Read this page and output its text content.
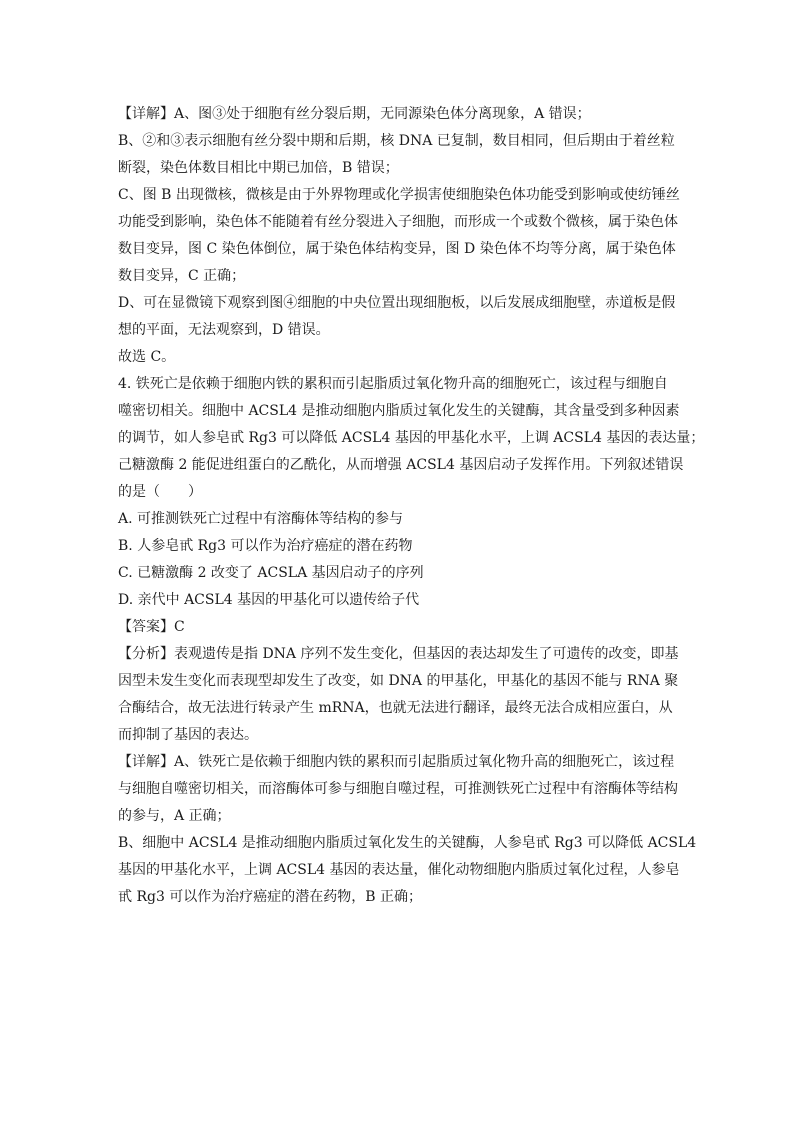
【详解】A、图③处于细胞有丝分裂后期，无同源染色体分离现象，A 错误；
B、②和③表示细胞有丝分裂中期和后期，核 DNA 已复制，数目相同，但后期由于着丝粒
断裂，染色体数目相比中期已加倍，B 错误；
C、图 B 出现微核，微核是由于外界物理或化学损害使细胞染色体功能受到影响或使纺锤丝
功能受到影响，染色体不能随着有丝分裂进入子细胞，而形成一个或数个微核，属于染色体
数目变异，图 C 染色体倒位，属于染色体结构变异，图 D 染色体不均等分离，属于染色体
数目变异，C 正确；
D、可在显微镜下观察到图④细胞的中央位置出现细胞板，以后发展成细胞壁，赤道板是假
想的平面，无法观察到，D 错误。
故选 C。
4. 铁死亡是依赖于细胞内铁的累积而引起脂质过氧化物升高的细胞死亡，该过程与细胞自
噬密切相关。细胞中 ACSL4 是推动细胞内脂质过氧化发生的关键酶，其含量受到多种因素
的调节，如人参皂甙 Rg3 可以降低 ACSL4 基因的甲基化水平，上调 ACSL4 基因的表达量；
己糖激酶 2 能促进组蛋白的乙酰化，从而增强 ACSL4 基因启动子发挥作用。下列叙述错误
的是（　　）
A. 可推测铁死亡过程中有溶酶体等结构的参与
B. 人参皂甙 Rg3 可以作为治疗癌症的潜在药物
C. 已糖激酶 2 改变了 ACSLA 基因启动子的序列
D. 亲代中 ACSL4 基因的甲基化可以遗传给子代
【答案】C
【分析】表观遗传是指 DNA 序列不发生变化，但基因的表达却发生了可遗传的改变，即基
因型未发生变化而表现型却发生了改变，如 DNA 的甲基化，甲基化的基因不能与 RNA 聚
合酶结合，故无法进行转录产生 mRNA，也就无法进行翻译，最终无法合成相应蛋白，从
而抑制了基因的表达。
【详解】A、铁死亡是依赖于细胞内铁的累积而引起脂质过氧化物升高的细胞死亡，该过程
与细胞自噬密切相关，而溶酶体可参与细胞自噬过程，可推测铁死亡过程中有溶酶体等结构
的参与，A 正确；
B、细胞中 ACSL4 是推动细胞内脂质过氧化发生的关键酶，人参皂甙 Rg3 可以降低 ACSL4
基因的甲基化水平，上调 ACSL4 基因的表达量，催化动物细胞内脂质过氧化过程，人参皂
甙 Rg3 可以作为治疗癌症的潜在药物，B 正确；
